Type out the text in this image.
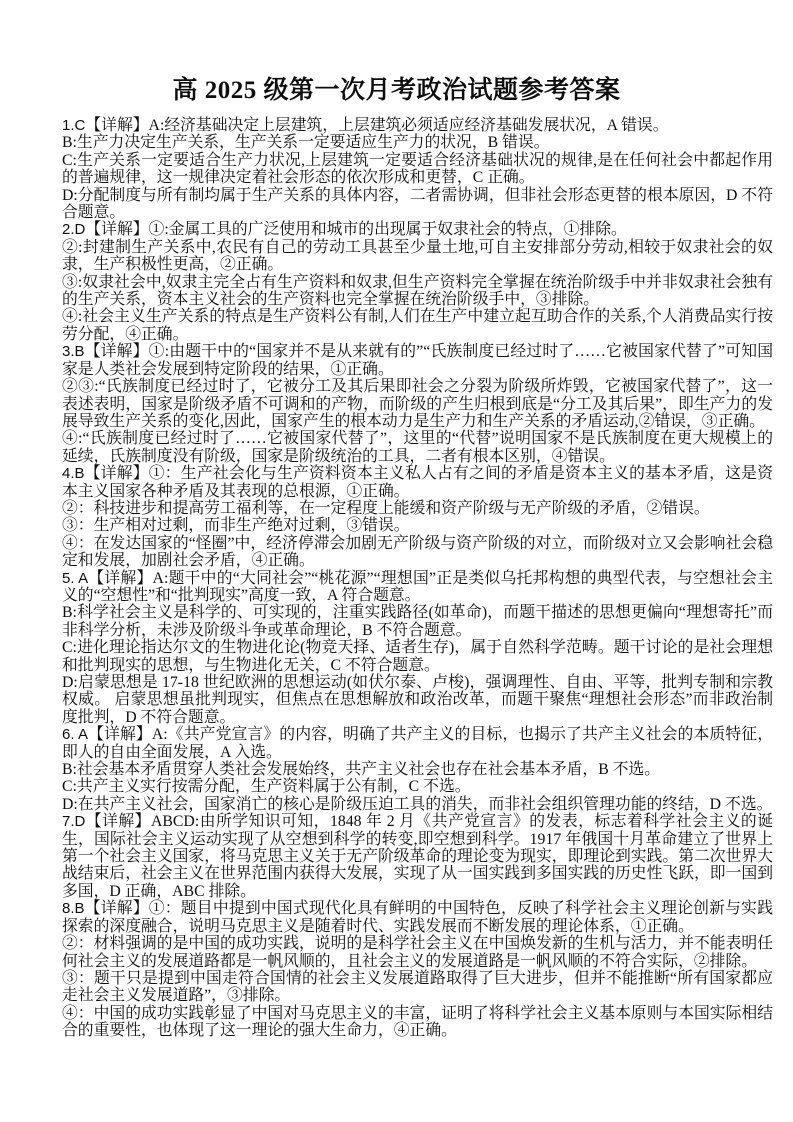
高 2025 级第一次月考政治试题参考答案

1.C【详解】A:经济基础决定上层建筑，上层建筑必须适应经济基础发展状况，A 错误。

B:生产力决定生产关系，生产关系一定要适应生产力的状况，B 错误。

C:生产关系一定要适合生产力状况,上层建筑一定要适合经济基础状况的规律,是在任何社会中都起作用的普遍规律，这一规律决定着社会形态的依次形成和更替，C 正确。

D:分配制度与所有制均属于生产关系的具体内容，二者需协调，但非社会形态更替的根本原因，D 不符合题意。

2.D【详解】①:金属工具的广泛使用和城市的出现属于奴隶社会的特点，①排除。

②:封建制生产关系中,农民有自己的劳动工具甚至少量土地,可自主安排部分劳动,相较于奴隶社会的奴隶，生产积极性更高，②正确。

③:奴隶社会中,奴隶主完全占有生产资料和奴隶,但生产资料完全掌握在统治阶级手中并非奴隶社会独有的生产关系，资本主义社会的生产资料也完全掌握在统治阶级手中，③排除。

④:社会主义生产关系的特点是生产资料公有制,人们在生产中建立起互助合作的关系,个人消费品实行按劳分配，④正确。

3.B【详解】①:由题干中的“国家并不是从来就有的”“氏族制度已经过时了……它被国家代替了”可知国家是人类社会发展到特定阶段的结果，①正确。

②③:“氏族制度已经过时了，它被分工及其后果即社会之分裂为阶级所炸毁，它被国家代替了”，这一表述表明，国家是阶级矛盾不可调和的产物，而阶级的产生归根到底是“分工及其后果”，即生产力的发展导致生产关系的变化,因此，国家产生的根本动力是生产力和生产关系的矛盾运动,②错误，③正确。

④:“氏族制度已经过时了……它被国家代替了”，这里的“代替”说明国家不是氏族制度在更大规模上的延续，氏族制度没有阶级，国家是阶级统治的工具，二者有根本区别，④错误。

4.B【详解】①：生产社会化与生产资料资本主义私人占有之间的矛盾是资本主义的基本矛盾，这是资本主义国家各种矛盾及其表现的总根源，①正确。

②：科技进步和提高劳工福利等，在一定程度上能缓和资产阶级与无产阶级的矛盾，②错误。

③：生产相对过剩，而非生产绝对过剩，③错误。

④：在发达国家的“怪圈”中，经济停滞会加剧无产阶级与资产阶级的对立，而阶级对立又会影响社会稳定和发展，加剧社会矛盾，④正确。

5. A【详解】A:题干中的“大同社会”“桃花源”“理想国”正是类似乌托邦构想的典型代表，与空想社会主义的“空想性”和“批判现实”高度一致，A 符合题意。

B:科学社会主义是科学的、可实现的，注重实践路径(如革命)，而题干描述的思想更偏向“理想寄托”而非科学分析，未涉及阶级斗争或革命理论，B 不符合题意。

C:进化理论指达尔文的生物进化论(物竞天择、适者生存)，属于自然科学范畴。题干讨论的是社会理想和批判现实的思想，与生物进化无关，C 不符合题意。

D:启蒙思想是 17-18 世纪欧洲的思想运动(如伏尔泰、卢梭)，强调理性、自由、平等，批判专制和宗教权威。 启蒙思想虽批判现实，但焦点在思想解放和政治改革，而题干聚焦“理想社会形态”而非政治制度批判，D 不符合题意。

6. A【详解】A:《共产党宣言》的内容，明确了共产主义的目标，也揭示了共产主义社会的本质特征，即人的自由全面发展，A 入选。

B:社会基本矛盾贯穿人类社会发展始终，共产主义社会也存在社会基本矛盾，B 不选。

C:共产主义实行按需分配，生产资料属于公有制，C 不选。

D:在共产主义社会，国家消亡的核心是阶级压迫工具的消失，而非社会组织管理功能的终结，D 不选。

7.D【详解】ABCD:由所学知识可知，1848 年 2 月《共产党宣言》的发表，标志着科学社会主义的诞生，国际社会主义运动实现了从空想到科学的转变,即空想到科学。1917 年俄国十月革命建立了世界上第一个社会主义国家，将马克思主义关于无产阶级革命的理论变为现实，即理论到实践。第二次世界大战结束后，社会主义在世界范围内获得大发展，实现了从一国实践到多国实践的历史性飞跃，即一国到多国，D 正确，ABC 排除。

8.B【详解】①：题目中提到中国式现代化具有鲜明的中国特色，反映了科学社会主义理论创新与实践探索的深度融合，说明马克思主义是随着时代、实践发展而不断发展的理论体系，①正确。

②：材料强调的是中国的成功实践，说明的是科学社会主义在中国焕发新的生机与活力，并不能表明任何社会主义的发展道路都是一帆风顺的，且社会主义的发展道路是一帆风顺的不符合实际，②排除。

③：题干只是提到中国走符合国情的社会主义发展道路取得了巨大进步，但并不能推断“所有国家都应走社会主义发展道路”，③排除。

④：中国的成功实践彰显了中国对马克思主义的丰富，证明了将科学社会主义基本原则与本国实际相结合的重要性，也体现了这一理论的强大生命力，④正确。
